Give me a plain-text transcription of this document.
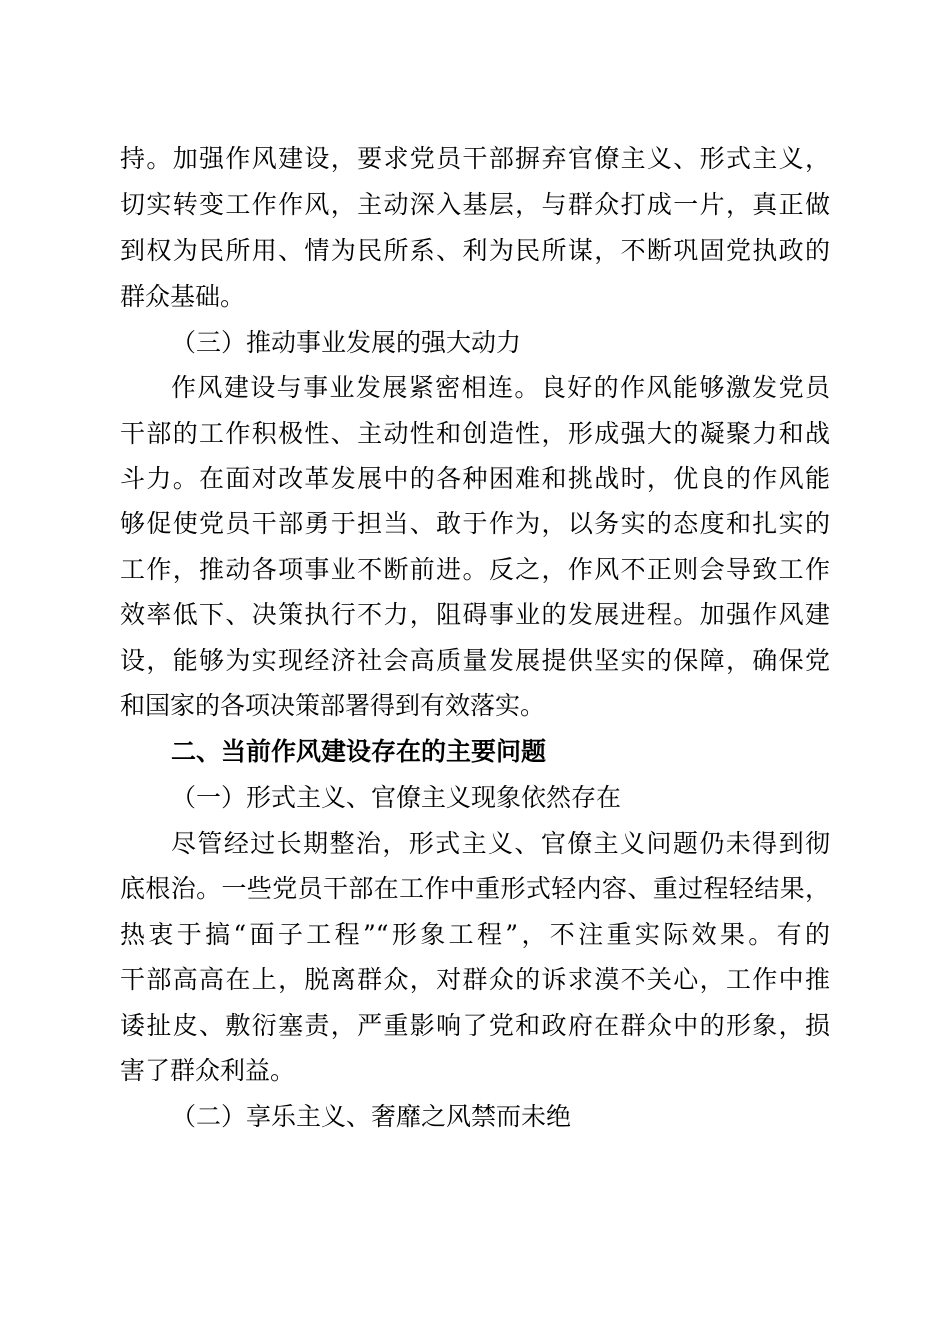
持。加强作风建设，要求党员干部摒弃官僚主义、形式主义，
切实转变工作作风，主动深入基层，与群众打成一片，真正做
到权为民所用、情为民所系、利为民所谋，不断巩固党执政的
群众基础。
（三）推动事业发展的强大动力
作风建设与事业发展紧密相连。良好的作风能够激发党员
干部的工作积极性、主动性和创造性，形成强大的凝聚力和战
斗力。在面对改革发展中的各种困难和挑战时，优良的作风能
够促使党员干部勇于担当、敢于作为，以务实的态度和扎实的
工作，推动各项事业不断前进。反之，作风不正则会导致工作
效率低下、决策执行不力，阻碍事业的发展进程。加强作风建
设，能够为实现经济社会高质量发展提供坚实的保障，确保党
和国家的各项决策部署得到有效落实。
二、当前作风建设存在的主要问题
（一）形式主义、官僚主义现象依然存在
尽管经过长期整治，形式主义、官僚主义问题仍未得到彻
底根治。一些党员干部在工作中重形式轻内容、重过程轻结果，
热衷于搞“面子工程”“形象工程”，不注重实际效果。有的
干部高高在上，脱离群众，对群众的诉求漠不关心，工作中推
诿扯皮、敷衍塞责，严重影响了党和政府在群众中的形象，损
害了群众利益。
（二）享乐主义、奢靡之风禁而未绝
